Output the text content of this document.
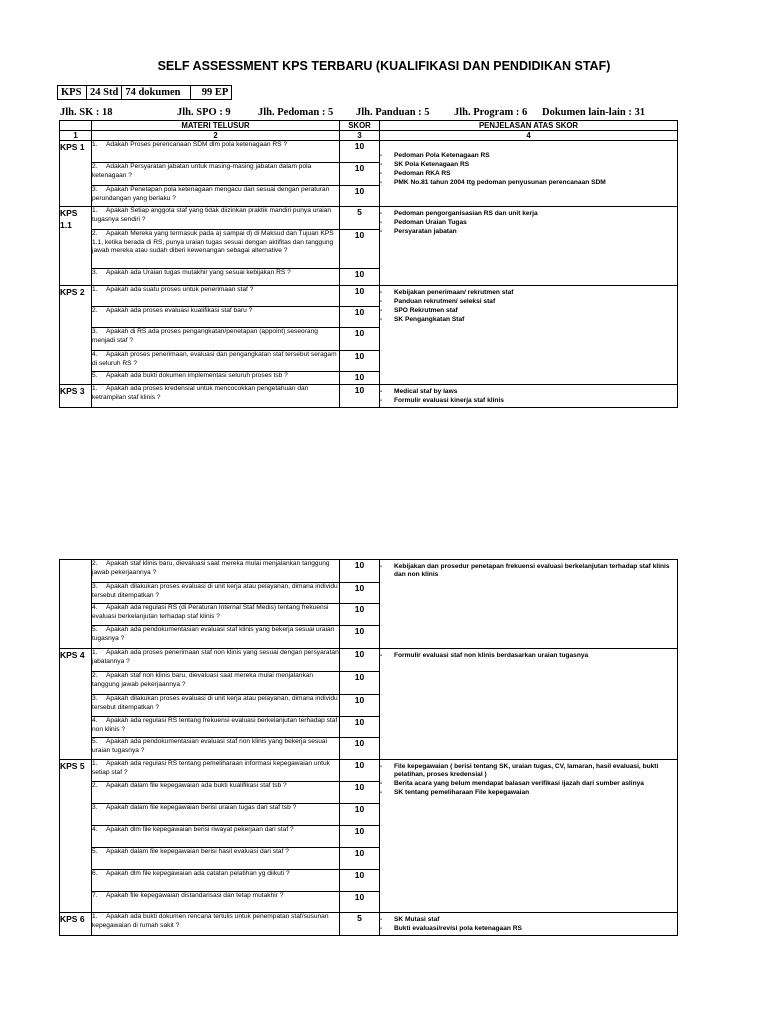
SELF ASSESSMENT KPS TERBARU (KUALIFIKASI DAN PENDIDIKAN STAF)
KPS	24 Std	74 dokumen	99 EP
Jlh. SK : 18	Jlh. SPO : 9	Jlh. Pedoman : 5 Jlh. Panduan : 5 Jlh. Program : 6 Dokumen lain-lain : 31
	MATERI TELUSUR	SKOR	PENJELASAN ATAS SKOR
1	2	3	4
KPS 1	1. Adakah Proses perencanaan SDM dlm pola ketenagaan RS ?	10	- Pedoman Pola Ketenagaan RS
- SK Pola Ketenagaan RS
- Pedoman RKA RS
- PMK No.81 tahun 2004 ttg pedoman penyusunan perencanaan SDM

	2. Adakah Persyaratan jabatan untuk masing-masing jabatan dalam pola ketenagaan ?	10	
	3. Apakah Penetapan pola ketenagaan mengacu dan sesuai dengan peraturan perundangan yang berlaku ?	10	
KPS 1.1	1. Apakah Setiap anggota staf yang tidak diizinkan praktik mandiri punya uraian tugasnya sendiri ?	5	- Pedoman pengorganisasian RS dan unit kerja
- Pedoman Uraian Tugas
- Persyaratan jabatan

	2. Apakah Mereka yang termasuk pada a) sampai d) di Maksud dan Tujuan KPS 1.1, ketika berada di RS, punya uraian tugas sesuai dengan aktifitas dan tanggung jawab mereka atau sudah diberi kewenangan sebagai alternative ?	10	
	3. Apakah ada Uraian tugas mutakhir yang sesuai kebijakan RS ?	10	
KPS 2	1. Apakah ada suatu proses untuk penerimaan staf ?	10	- Kebijakan penerimaan/ rekrutmen staf
- Panduan rekrutmen/ seleksi staf
- SPO Rekrutmen staf
- SK Pengangkatan Staf

	2. Apakah ada proses evaluasi kualifikasi staf baru ?	10	
	3. Apakah di RS ada proses pengangkatan/penetapan (appoint) seseorang menjadi staf ?	10	
	4. Apakah proses penerimaan, evaluasi dan pengangkatan staf tersebut seragam di seluruh RS ?	10	
	5. Apakah ada bukti dokumen implementasi seluruh proses tsb ?	10	
KPS 3	1. Apakah ada proses kredensial untuk mencocokkan pengetahuan dan ketrampilan staf klinis ?	10	- Medical staf by laws
- Formulir evaluasi kinerja staf klinis
	2. Apakah staf klinis baru, dievaluasi saat mereka mulai menjalankan tanggung jawab pekerjaannya ?	10	- Kebijakan dan prosedur penetapan frekuensi evaluasi berkelanjutan terhadap staf klinis dan non klinis

	3. Apakah dilakukan proses evaluasi di unit kerja atau pelayanan, dimana individu tersebut ditempatkan ?	10	
	4. Apakah ada regulasi RS (di Peraturan Internal Staf Medis) tentang frekuensi evaluasi berkelanjutan terhadap staf klinis ?	10	
	5. Apakah ada pendokumentasian evaluasi staf klinis yang bekerja sesuai uraian tugasnya ?	10	
KPS 4	1. Apakah ada proses penerimaan staf non klinis yang sesuai dengan persyaratan jabatannya ?	10	- Formulir evaluasi staf non klinis berdasarkan uraian tugasnya

	2. Apakah staf non klinis baru, dievaluasi saat mereka mulai menjalankan tanggung jawab pekerjaannya ?	10	
	3. Apakah dilakukan proses evaluasi di unit kerja atau pelayanan, dimana individu tersebut ditempatkan ?	10	
	4. Apakah ada regulasi RS tentang frekuensi evaluasi berkelanjutan terhadap staf non klinis ?	10	
	5. Apakah ada pendokumentasian evaluasi staf non klinis yang bekerja sesuai uraian tugasnya ?	10	
KPS 5	1. Apakah ada regulasi RS tentang pemeliharaan informasi kepegawaian untuk setiap staf ?	10	- File kepegawaian ( berisi tentang SK, uraian tugas, CV, lamaran, hasil evaluasi, bukti pelatihan, proses kredensial )
- Berita acara yang belum mendapat balasan verifikasi ijazah dari sumber aslinya
- SK tentang pemeliharaan File kepegawaian

	2. Apakah dalam file kepegawaian ada bukti kualifikasi staf tsb ?	10	
	3. Apakah dalam file kepegawaian berisi uraian tugas dari staf tsb ?	10	
	4. Apakah dlm file kepegawaian berisi riwayat pekerjaan dari staf ?	10	
	5. Apakah dalam file kepegawaian berisi hasil evaluasi dari staf ?	10	
	6. Apakah dlm file kepegawaian ada catatan pelatihan yg diikuti ?	10	
	7. Apakah file kepegawaian distandarisasi dan tetap mutakhir ?	10	
KPS 6	1. Apakah ada bukti dokumen rencana tertulis untuk penempatan staf/susunan kepegawaian di rumah sakit ?	5	- SK Mutasi staf
- Bukti evaluasi/revisi pola ketenagaan RS
